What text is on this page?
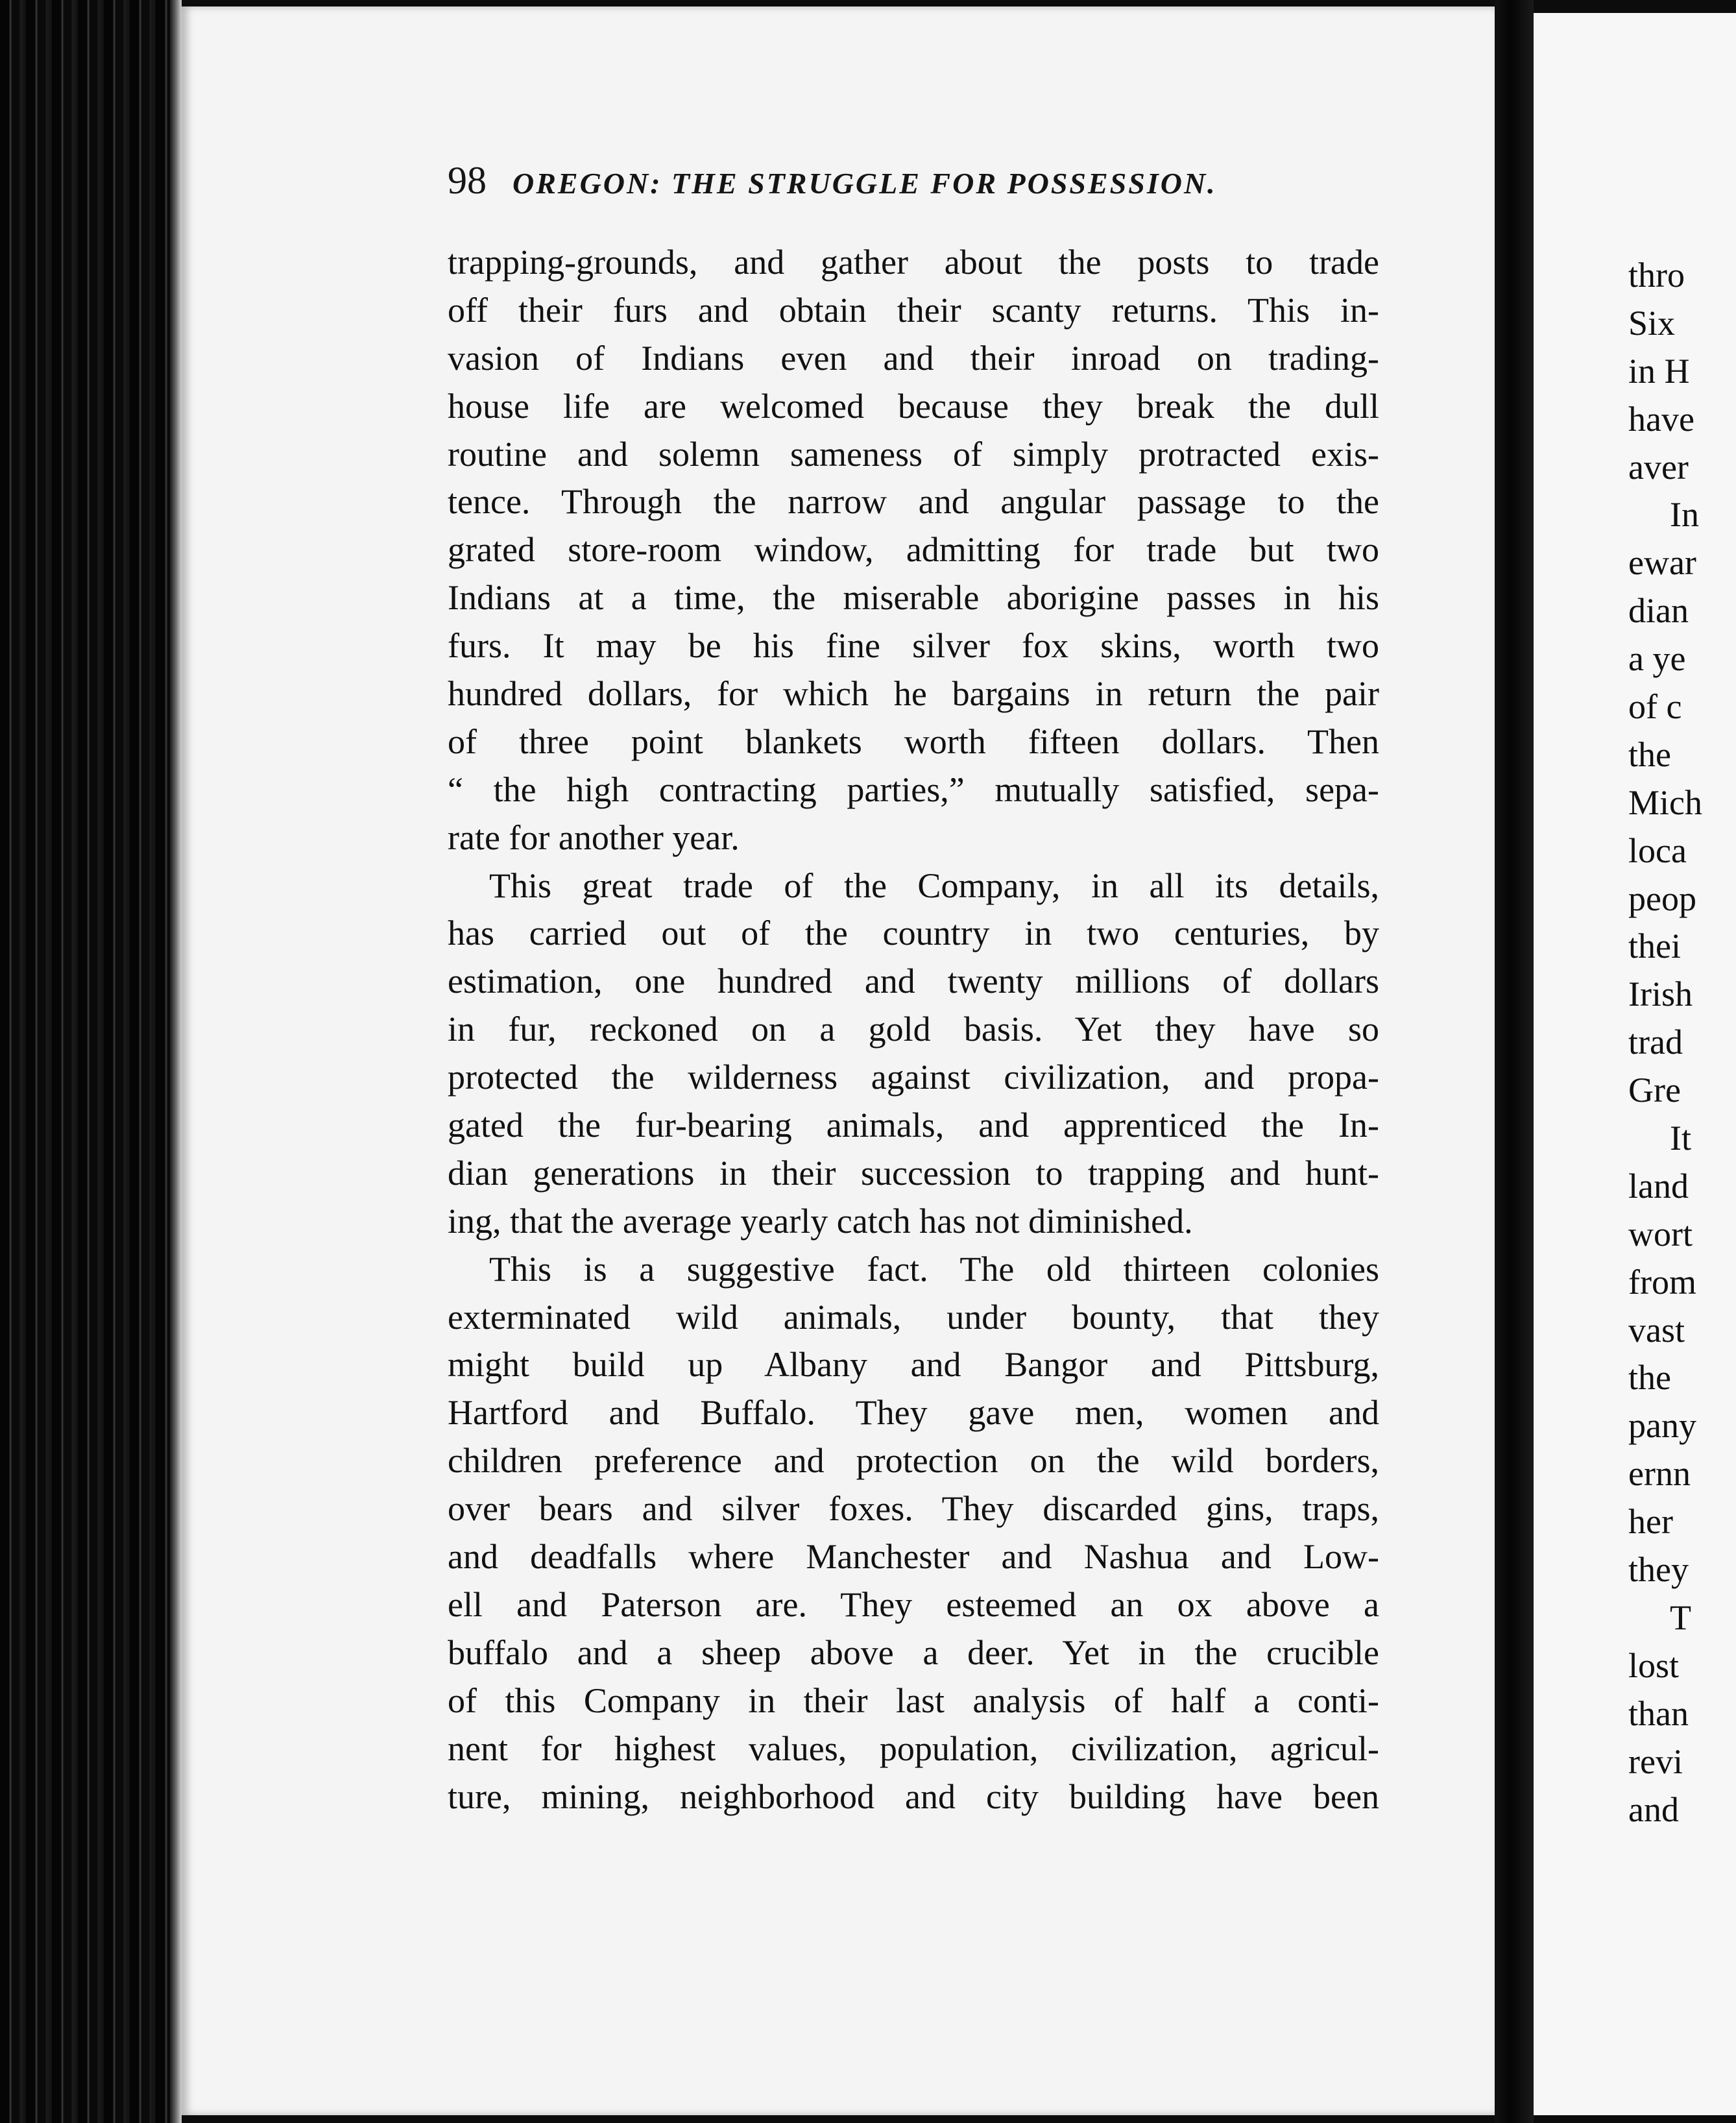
thro
Six
in H
have
aver
In
ewar
dian
a ye
of c
the
Mich
loca
peop
thei
Irish
trad
Gre
It
land
wort
from
vast
the
pany
ernn
her
they
T
lost
than
revi
and
98 OREGON: THE STRUGGLE FOR POSSESSION.
trapping-grounds, and gather about the posts to trade
off their furs and obtain their scanty returns. This in-
vasion of Indians even and their inroad on trading-
house life are welcomed because they break the dull
routine and solemn sameness of simply protracted exis-
tence. Through the narrow and angular passage to the
grated store-room window, admitting for trade but two
Indians at a time, the miserable aborigine passes in his
furs. It may be his fine silver fox skins, worth two
hundred dollars, for which he bargains in return the pair
of three point blankets worth fifteen dollars. Then
“ the high contracting parties,” mutually satisfied, sepa-
rate for another year.
This great trade of the Company, in all its details,
has carried out of the country in two centuries, by
estimation, one hundred and twenty millions of dollars
in fur, reckoned on a gold basis. Yet they have so
protected the wilderness against civilization, and propa-
gated the fur-bearing animals, and apprenticed the In-
dian generations in their succession to trapping and hunt-
ing, that the average yearly catch has not diminished.
This is a suggestive fact. The old thirteen colonies
exterminated wild animals, under bounty, that they
might build up Albany and Bangor and Pittsburg,
Hartford and Buffalo. They gave men, women and
children preference and protection on the wild borders,
over bears and silver foxes. They discarded gins, traps,
and deadfalls where Manchester and Nashua and Low-
ell and Paterson are. They esteemed an ox above a
buffalo and a sheep above a deer. Yet in the crucible
of this Company in their last analysis of half a conti-
nent for highest values, population, civilization, agricul-
ture, mining, neighborhood and city building have been
